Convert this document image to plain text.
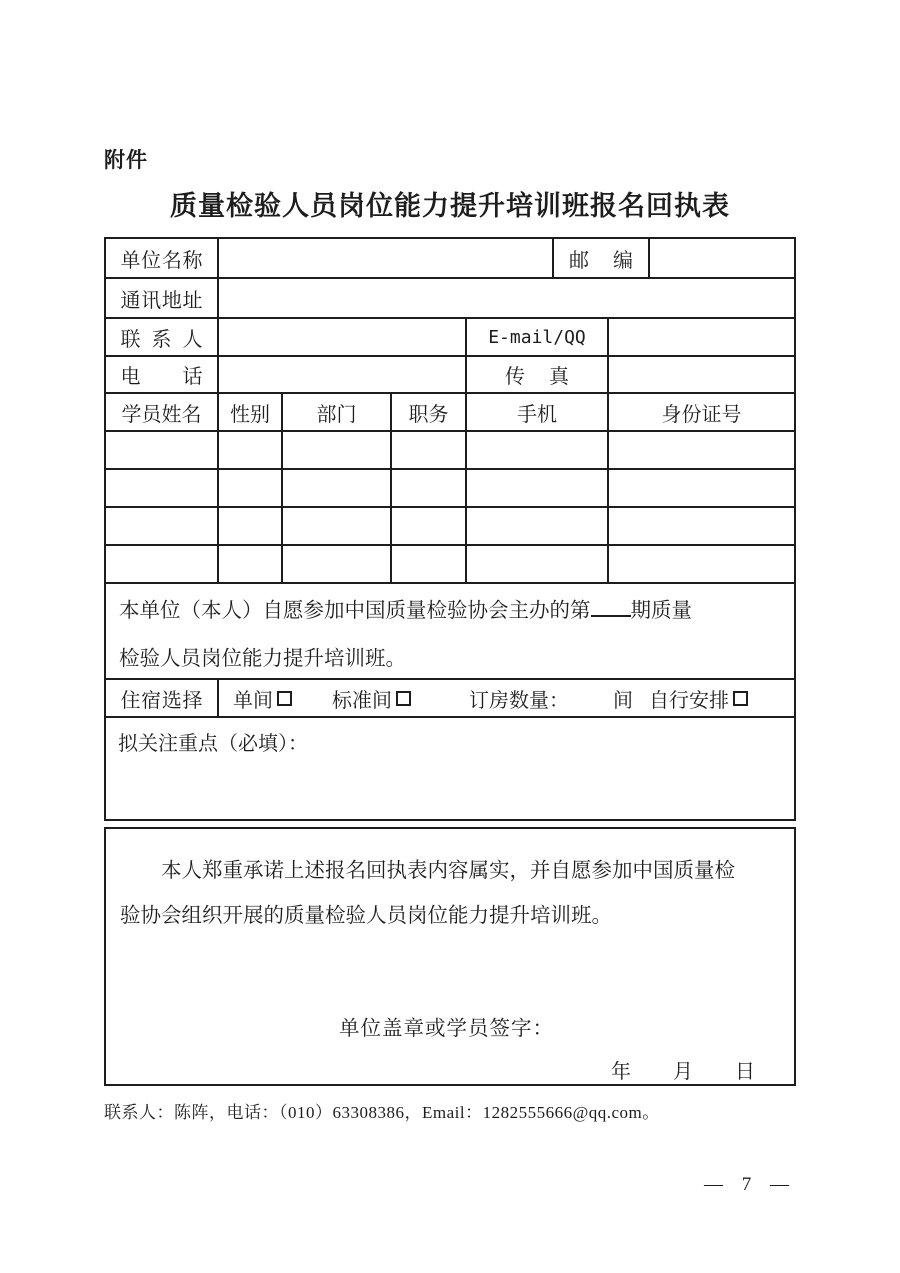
附件
质量检验人员岗位能力提升培训班报名回执表
单位名称	邮编
通讯地址
联系人	E-mail/QQ
电话	传真
学员姓名 性别 部门	职务	手机	身份证号
本单位（本人）自愿参加中国质量检验协会主办的第 期质量
检验人员岗位能力提升培训班。
住宿选择 单间	标准间	订房数量： 间 自行安排
拟关注重点（必填）：
本人郑重承诺上述报名回执表内容属实，并自愿参加中国质量检
验协会组织开展的质量检验人员岗位能力提升培训班。
单位盖章或学员签字：
年 月 日
联系人：陈阵，电话：（010）63308386，Email：1282555666@qq.com。
— 7 —
